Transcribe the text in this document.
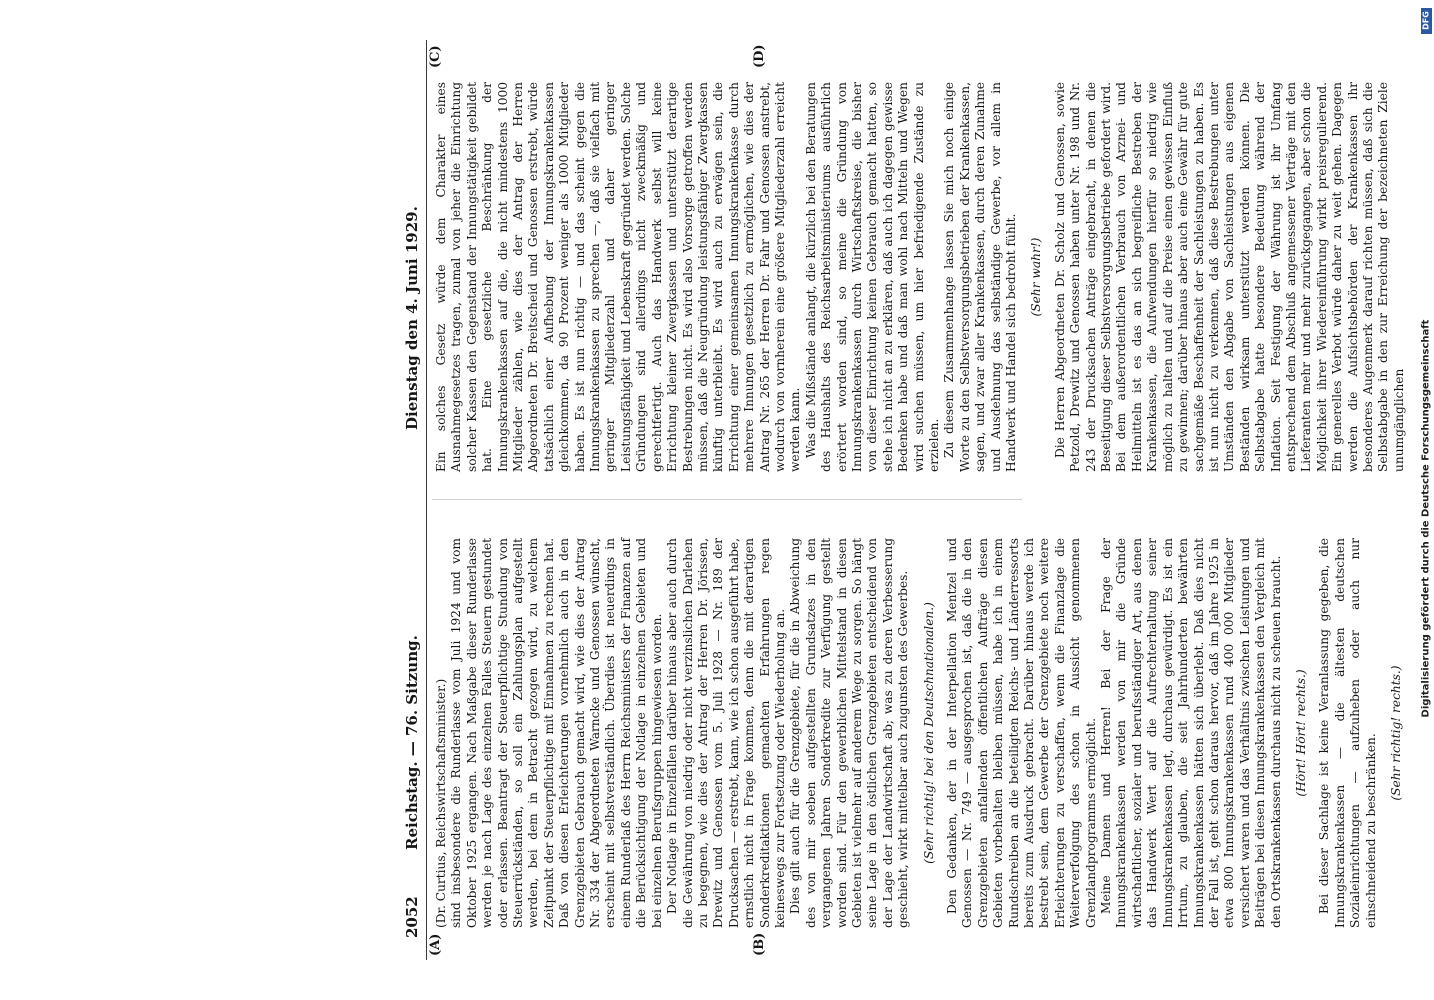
2052
Reichstag. — 76. Sitzung.
Dienstag den 4. Juni 1929.
(A)	(B)
(C)	(D)

(Dr. Curtius, Reichswirtschaftsminister.) sind insbesondere die Runderlasse vom Juli 1924 und vom Oktober 1925 ergangen. Nach Maßgabe dieser Runderlasse werden je nach Lage des einzelnen Falles Steuern gestundet oder erlassen. Beantragt der Steuerpflichtige Stundung von Steuerrückständen, so soll ein Zahlungsplan aufgestellt werden, bei dem in Betracht gezogen wird, zu welchem Zeitpunkt der Steuerpflichtige mit Einnahmen zu rechnen hat. Daß von diesen Erleichterungen vornehmlich auch in den Grenzgebieten Gebrauch gemacht wird, wie dies der Antrag Nr. 334 der Abgeordneten Warncke und Genossen wünscht, erscheint mit selbstverständlich. Überdies ist neuerdings in einem Runderlaß des Herrn Reichsministers der Finanzen auf die Berücksichtigung der Notlage in einzelnen Gebieten und bei einzelnen Berufsgruppen hingewiesen worden. Der Notlage in Einzelfällen darüber hinaus aber auch durch die Gewährung von niedrig oder nicht verzinslichen Darlehen zu begegnen, wie dies der Antrag der Herren Dr. Jörissen, Drewitz und Genossen vom 5. Juli 1928 — Nr. 189 der Drucksachen — erstrebt, kann, wie ich schon ausgeführt habe, ernstlich nicht in Frage kommen, denn die mit derartigen Sonderkreditaktionen gemachten Erfahrungen regen keineswegs zur Fortsetzung oder Wiederholung an. Dies gilt auch für die Grenzgebiete, für die in Abweichung des von mir soeben aufgestellten Grundsatzes in den vergangenen Jahren Sonderkredite zur Verfügung gestellt worden sind. Für den gewerblichen Mittelstand in diesen Gebieten ist vielmehr auf anderem Wege zu sorgen. So hängt seine Lage in den östlichen Grenzgebieten entscheidend von der Lage der Landwirtschaft ab; was zu deren Verbesserung geschieht, wirkt mittelbar auch zugunsten des Gewerbes. (Sehr richtig! bei den Deutschnationalen.) Den Gedanken, der in der Interpellation Mentzel und Genossen — Nr. 749 — ausgesprochen ist, daß die in den Grenzgebieten anfallenden öffentlichen Aufträge diesen Gebieten vorbehalten bleiben müssen, habe ich in einem Rundschreiben an die beteiligten Reichs- und Länderressorts bereits zum Ausdruck gebracht. Darüber hinaus werde ich bestrebt sein, dem Gewerbe der Grenzgebiete noch weitere Erleichterungen zu verschaffen, wenn die Finanzlage die Weiterverfolgung des schon in Aussicht genommenen Grenzlandprogramms ermöglicht. Meine Damen und Herren! Bei der Frage der Innungskrankenkassen werden von mir die Gründe wirtschaftlicher, sozialer und berufsständiger Art, aus denen das Handwerk Wert auf die Aufrechterhaltung seiner Innungskrankenkassen legt, durchaus gewürdigt. Es ist ein Irrtum, zu glauben, die seit Jahrhunderten bewährten Innungskrankenkassen hätten sich überlebt. Daß dies nicht der Fall ist, geht schon daraus hervor, daß im Jahre 1925 in etwa 800 Innungskrankenkassen rund 400 000 Mitglieder versichert waren und das Verhältnis zwischen Leistungen und Beiträgen bei diesen Innungskrankenkassen den Vergleich mit den Ortskrankenkassen durchaus nicht zu scheuen braucht. (Hört! Hört! rechts.) Bei dieser Sachlage ist keine Veranlassung gegeben, die Innungskrankenkassen — die ältesten deutschen Sozialeinrichtungen — aufzuheben oder auch nur einschneidend zu beschränken.

(Sehr richtig! rechts.)

Ein solches Gesetz würde dem Charakter eines Ausnahmegesetzes tragen, zumal von jeher die Einrichtung solcher Kassen den Gegenstand der Innungstätigkeit gebildet hat. Eine gesetzliche Beschränkung der Innungskrankenkassen auf die, die nicht mindestens 1000 Mitglieder zählen, wie dies der Antrag der Herren Abgeordneten Dr. Breitscheid und Genossen erstrebt, würde tatsächlich einer Aufhebung der Innungskrankenkassen gleichkommen, da 90 Prozent weniger als 1000 Mitglieder haben. Es ist nun richtig — und das scheint gegen die Innungskrankenkassen zu sprechen —, daß sie vielfach mit geringer Mitgliederzahl und daher geringer Leistungsfähigkeit und Lebenskraft gegründet werden. Solche Gründungen sind allerdings nicht zweckmäßig und gerechtfertigt. Auch das Handwerk selbst will keine Errichtung kleiner Zwergkassen und unterstützt derartige Bestrebungen nicht. Es wird also Vorsorge getroffen werden müssen, daß die Neugründung leistungsfähiger Zwergkassen künftig unterbleibt. Es wird auch zu erwägen sein, die Errichtung einer gemeinsamen Innungskrankenkasse durch mehrere Innungen gesetzlich zu ermöglichen, wie dies der Antrag Nr. 265 der Herren Dr. Fahr und Genossen anstrebt, wodurch von vornherein eine größere Mitgliederzahl erreicht werden kann. Was die Mißstände anlangt, die kürzlich bei den Beratungen des Haushalts des Reichsarbeitsministeriums ausführlich erörtert worden sind, so meine die Gründung von Innungskrankenkassen durch Wirtschaftskreise, die bisher von dieser Einrichtung keinen Gebrauch gemacht hatten, so stehe ich nicht an zu erklären, daß auch ich dagegen gewisse Bedenken habe und daß man wohl nach Mitteln und Wegen wird suchen müssen, um hier befriedigende Zustände zu erzielen. Zu diesem Zusammenhange lassen Sie mich noch einige Worte zu den Selbstversorgungsbetrieben der Krankenkassen, sagen, und zwar aller Krankenkassen, durch deren Zunahme und Ausdehnung das selbständige Gewerbe, vor allem in Handwerk und Handel sich bedroht fühlt. (Sehr wahr!) Die Herren Abgeordneten Dr. Scholz und Genossen, sowie Petzold, Drewitz und Genossen haben unter Nr. 198 und Nr. 243 der Drucksachen Anträge eingebracht, in denen die Beseitigung dieser Selbstversorgungsbetriebe gefordert wird. Bei dem außerordentlichen Verbrauch von Arznei- und Heilmitteln ist es das an sich begreifliche Bestreben der Krankenkassen, die Aufwendungen hierfür so niedrig wie möglich zu halten und auf die Preise einen gewissen Einfluß zu gewinnen; darüber hinaus aber auch eine Gewähr für gute sachgemäße Beschaffenheit der Sachleistungen zu haben. Es ist nun nicht zu verkennen, daß diese Bestrebungen unter Umständen den Abgabe von Sachleistungen aus eigenen Beständen wirksam unterstützt werden können. Die Selbstabgabe hatte besondere Bedeutung während der Inflation. Seit Festigung der Währung ist ihr Umfang entsprechend dem Abschluß angemessener Verträge mit den Lieferanten mehr und mehr zurückgegangen, aber schon die Möglichkeit ihrer Wiedereinführung wirkt preisregulierend. Ein generelles Verbot würde daher zu weit gehen. Dagegen werden die Aufsichtsbehörden der Krankenkassen ihr besonderes Augenmerk darauf richten müssen, daß sich die Selbstabgabe in den zur Erreichung der bezeichneten Ziele unumgänglichen Digitalisierung gefördert durch die Deutsche Forschungsgemeinschaft
DFG
